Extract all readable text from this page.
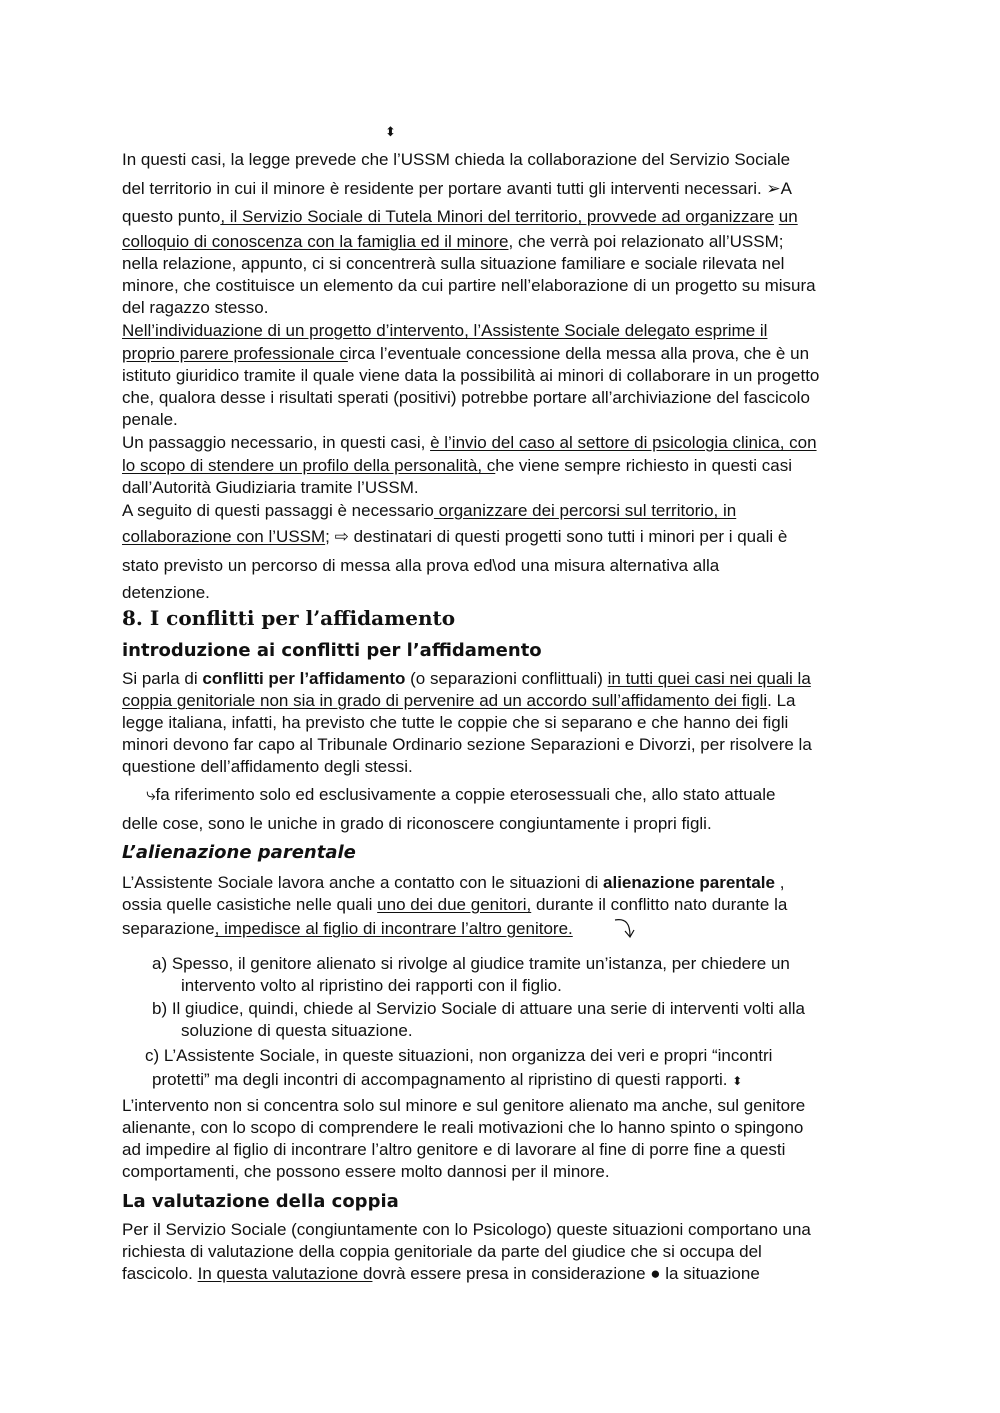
⬍
In questi casi, la legge prevede che l’USSM chieda la collaborazione del Servizio Sociale
del territorio in cui il minore è residente per portare avanti tutti gli interventi necessari. ➢A
questo punto, il Servizio Sociale di Tutela Minori del territorio, provvede ad organizzare un
colloquio di conoscenza con la famiglia ed il minore, che verrà poi relazionato all’USSM;
nella relazione, appunto, ci si concentrerà sulla situazione familiare e sociale rilevata nel
minore, che costituisce un elemento da cui partire nell’elaborazione di un progetto su misura
del ragazzo stesso.
Nell’individuazione di un progetto d’intervento, l’Assistente Sociale delegato esprime il
proprio parere professionale circa l’eventuale concessione della messa alla prova, che è un
istituto giuridico tramite il quale viene data la possibilità ai minori di collaborare in un progetto
che, qualora desse i risultati sperati (positivi) potrebbe portare all’archiviazione del fascicolo
penale.
Un passaggio necessario, in questi casi, è l’invio del caso al settore di psicologia clinica, con
lo scopo di stendere un profilo della personalità, che viene sempre richiesto in questi casi
dall’Autorità Giudiziaria tramite l’USSM.
A seguito di questi passaggi è necessario organizzare dei percorsi sul territorio, in
collaborazione con l’USSM; ⇨ destinatari di questi progetti sono tutti i minori per i quali è
stato previsto un percorso di messa alla prova ed\od una misura alternativa alla
detenzione.
8. I conflitti per l’affidamento
introduzione ai conflitti per l’affidamento
Si parla di conflitti per l’affidamento (o separazioni conflittuali) in tutti quei casi nei quali la
coppia genitoriale non sia in grado di pervenire ad un accordo sull’affidamento dei figli. La
legge italiana, infatti, ha previsto che tutte le coppie che si separano e che hanno dei figli
minori devono far capo al Tribunale Ordinario sezione Separazioni e Divorzi, per risolvere la
questione dell’affidamento degli stessi.
⤷fa riferimento solo ed esclusivamente a coppie eterosessuali che, allo stato attuale
delle cose, sono le uniche in grado di riconoscere congiuntamente i propri figli.
L’alienazione parentale
L’Assistente Sociale lavora anche a contatto con le situazioni di alienazione parentale ,
ossia quelle casistiche nelle quali uno dei due genitori, durante il conflitto nato durante la
separazione, impedisce al figlio di incontrare l’altro genitore.
a) Spesso, il genitore alienato si rivolge al giudice tramite un’istanza, per chiedere un
intervento volto al ripristino dei rapporti con il figlio.
b) Il giudice, quindi, chiede al Servizio Sociale di attuare una serie di interventi volti alla
soluzione di questa situazione.
c) L’Assistente Sociale, in queste situazioni, non organizza dei veri e propri “incontri
protetti” ma degli incontri di accompagnamento al ripristino di questi rapporti. ⬍
L’intervento non si concentra solo sul minore e sul genitore alienato ma anche, sul genitore
alienante, con lo scopo di comprendere le reali motivazioni che lo hanno spinto o spingono
ad impedire al figlio di incontrare l’altro genitore e di lavorare al fine di porre fine a questi
comportamenti, che possono essere molto dannosi per il minore.
La valutazione della coppia
Per il Servizio Sociale (congiuntamente con lo Psicologo) queste situazioni comportano una
richiesta di valutazione della coppia genitoriale da parte del giudice che si occupa del
fascicolo. In questa valutazione dovrà essere presa in considerazione ● la situazione
